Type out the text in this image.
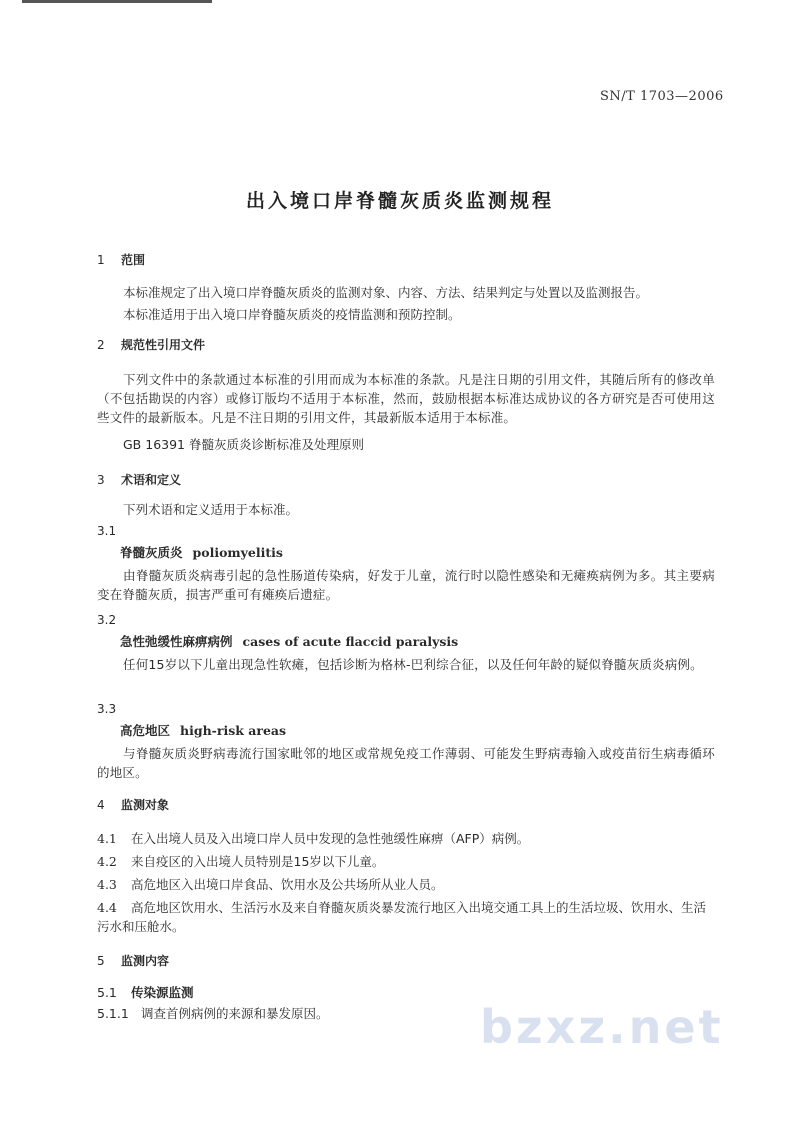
SN/T 1703—2006
出入境口岸脊髓灰质炎监测规程
1 范围
本标准规定了出入境口岸脊髓灰质炎的监测对象、内容、方法、结果判定与处置以及监测报告。
本标准适用于出入境口岸脊髓灰质炎的疫情监测和预防控制。
2 规范性引用文件
下列文件中的条款通过本标准的引用而成为本标准的条款。凡是注日期的引用文件，其随后所有的修改单（不包括勘误的内容）或修订版均不适用于本标准，然而，鼓励根据本标准达成协议的各方研究是否可使用这些文件的最新版本。凡是不注日期的引用文件，其最新版本适用于本标准。
GB 16391 脊髓灰质炎诊断标准及处理原则
3 术语和定义
下列术语和定义适用于本标准。
3.1
脊髓灰质炎 poliomyelitis
由脊髓灰质炎病毒引起的急性肠道传染病，好发于儿童，流行时以隐性感染和无瘫痪病例为多。其主要病变在脊髓灰质，损害严重可有瘫痪后遗症。
3.2
急性弛缓性麻痹病例 cases of acute flaccid paralysis
任何15岁以下儿童出现急性软瘫，包括诊断为格林-巴利综合征，以及任何年龄的疑似脊髓灰质炎病例。
3.3
高危地区 high-risk areas
与脊髓灰质炎野病毒流行国家毗邻的地区或常规免疫工作薄弱、可能发生野病毒输入或疫苗衍生病毒循环的地区。
4 监测对象
4.1 在入出境人员及入出境口岸人员中发现的急性弛缓性麻痹（AFP）病例。
4.2 来自疫区的入出境人员特别是15岁以下儿童。
4.3 高危地区入出境口岸食品、饮用水及公共场所从业人员。
4.4 高危地区饮用水、生活污水及来自脊髓灰质炎暴发流行地区入出境交通工具上的生活垃圾、饮用水、生活污水和压舱水。
5 监测内容
5.1 传染源监测
5.1.1 调查首例病例的来源和暴发原因。	bzxz.net
